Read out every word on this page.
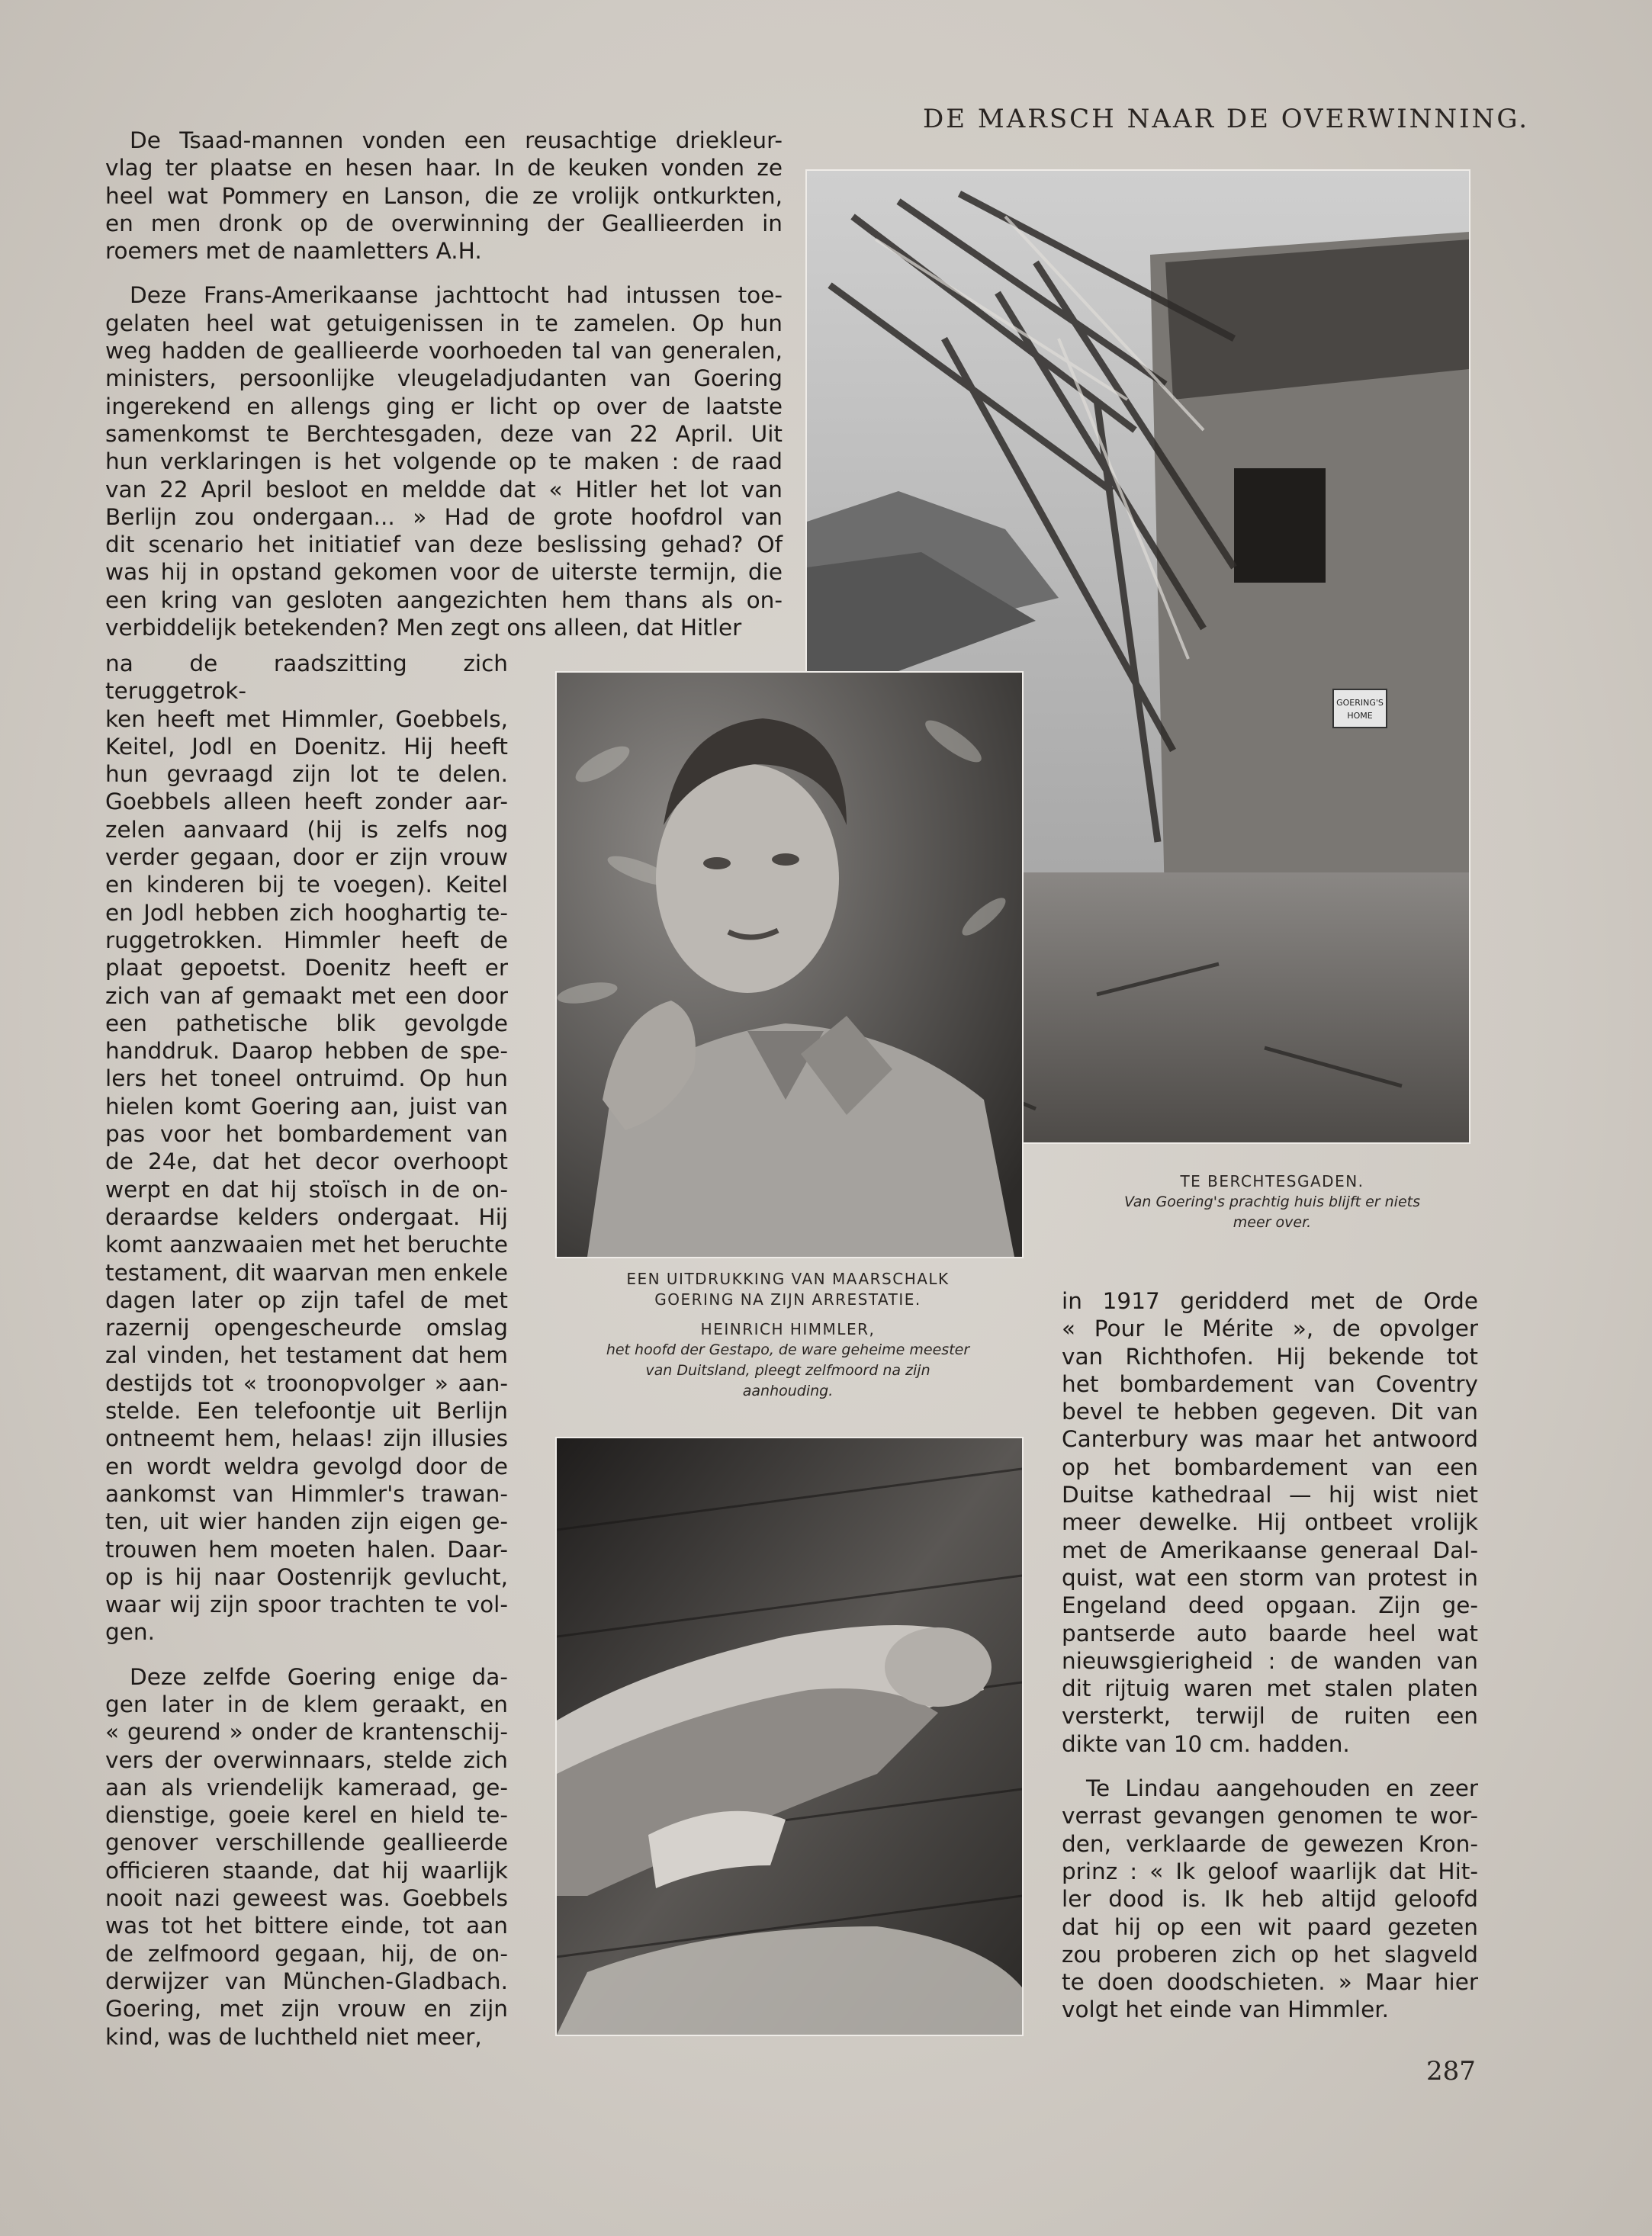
DE MARSCH NAAR DE OVERWINNING.

De Tsaad-mannen vonden een reusachtige driekleur-

vlag ter plaatse en hesen haar. In de keuken vonden ze

heel wat Pommery en Lanson, die ze vrolijk ontkurkten,

en men dronk op de overwinning der Geallieerden in

roemers met de naamletters A.H.

Deze Frans-Amerikaanse jachttocht had intussen toe-

gelaten heel wat getuigenissen in te zamelen. Op hun

weg hadden de geallieerde voorhoeden tal van generalen,

ministers, persoonlijke vleugeladjudanten van Goering

ingerekend en allengs ging er licht op over de laatste

samenkomst te Berchtesgaden, deze van 22 April. Uit

hun verklaringen is het volgende op te maken : de raad

van 22 April besloot en meldde dat « Hitler het lot van

Berlijn zou ondergaan... » Had de grote hoofdrol van

dit scenario het initiatief van deze beslissing gehad? Of

was hij in opstand gekomen voor de uiterste termijn, die

een kring van gesloten aangezichten hem thans als on-

verbiddelijk betekenden? Men zegt ons alleen, dat Hitler

na de raadszitting zich teruggetrok-

ken heeft met Himmler, Goebbels,

Keitel, Jodl en Doenitz. Hij heeft

hun gevraagd zijn lot te delen.

Goebbels alleen heeft zonder aar-

zelen aanvaard (hij is zelfs nog

verder gegaan, door er zijn vrouw

en kinderen bij te voegen). Keitel

en Jodl hebben zich hooghartig te-

ruggetrokken. Himmler heeft de

plaat gepoetst. Doenitz heeft er

zich van af gemaakt met een door

een pathetische blik gevolgde

handdruk. Daarop hebben de spe-

lers het toneel ontruimd. Op hun

hielen komt Goering aan, juist van

pas voor het bombardement van

de 24e, dat het decor overhoopt

werpt en dat hij stoïsch in de on-

deraardse kelders ondergaat. Hij

komt aanzwaaien met het beruchte

testament, dit waarvan men enkele

dagen later op zijn tafel de met

razernij opengescheurde omslag

zal vinden, het testament dat hem

destijds tot « troonopvolger » aan-

stelde. Een telefoontje uit Berlijn

ontneemt hem, helaas! zijn illusies

en wordt weldra gevolgd door de

aankomst van Himmler's trawan-

ten, uit wier handen zijn eigen ge-

trouwen hem moeten halen. Daar-

op is hij naar Oostenrijk gevlucht,

waar wij zijn spoor trachten te vol-

gen.

Deze zelfde Goering enige da-

gen later in de klem geraakt, en

« geurend » onder de krantenschij-

vers der overwinnaars, stelde zich

aan als vriendelijk kameraad, ge-

dienstige, goeie kerel en hield te-

genover verschillende geallieerde

officieren staande, dat hij waarlijk

nooit nazi geweest was. Goebbels

was tot het bittere einde, tot aan

de zelfmoord gegaan, hij, de on-

derwijzer van München-Gladbach.

Goering, met zijn vrouw en zijn

kind, was de luchtheld niet meer,

in 1917 geridderd met de Orde

« Pour le Mérite », de opvolger

van Richthofen. Hij bekende tot

het bombardement van Coventry

bevel te hebben gegeven. Dit van

Canterbury was maar het antwoord

op het bombardement van een

Duitse kathedraal — hij wist niet

meer dewelke. Hij ontbeet vrolijk

met de Amerikaanse generaal Dal-

quist, wat een storm van protest in

Engeland deed opgaan. Zijn ge-

pantserde auto baarde heel wat

nieuwsgierigheid : de wanden van

dit rijtuig waren met stalen platen

versterkt, terwijl de ruiten een

dikte van 10 cm. hadden.

Te Lindau aangehouden en zeer

verrast gevangen genomen te wor-

den, verklaarde de gewezen Kron-

prinz : « Ik geloof waarlijk dat Hit-

ler dood is. Ik heb altijd geloofd

dat hij op een wit paard gezeten

zou proberen zich op het slagveld

te doen doodschieten. » Maar hier

volgt het einde van Himmler.

GOERING'S
HOME
TE BERCHTESGADEN.
Van Goering's prachtig huis blijft er niets
meer over.
EEN UITDRUKKING VAN MAARSCHALK
GOERING NA ZIJN ARRESTATIE.
HEINRICH HIMMLER,
het hoofd der Gestapo, de ware geheime meester
van Duitsland, pleegt zelfmoord na zijn
aanhouding.
287
